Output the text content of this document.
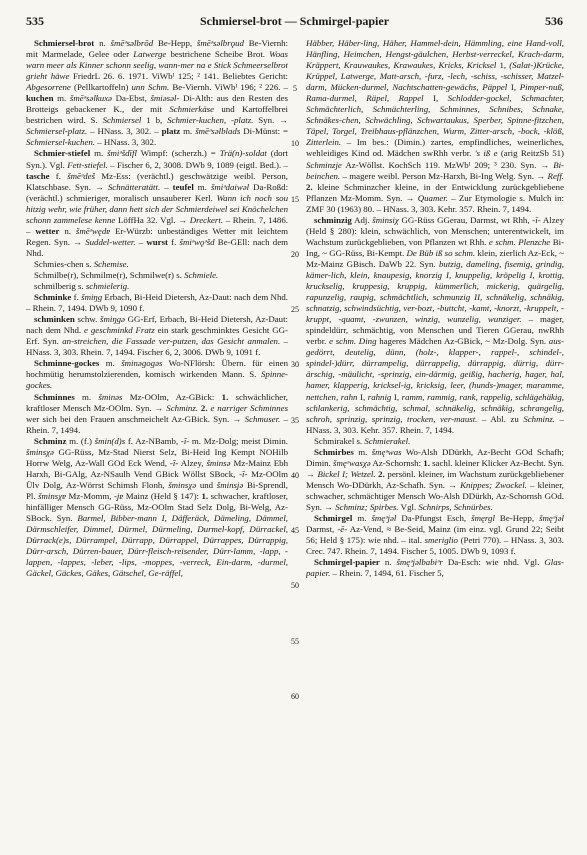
535	Schmiersel-brot — Schmirgel-papier	536

Schmiersel-brot n. šmēᵊsəlbrōd Be-Hepp, šmēᵊsəlbrǫud Be-Viernh: mit Marmelade, Gelee oder Latwerge bestrichene Scheibe Brot. Woas warn meer als Kinner schonn seelig, wann-mer na e Stick Schmeerselbrot grieht häwe FriedrL 26. 6. 1971. ViWbᴵ 125; ² 141. Beliebtes Gericht: Abgesorrene (Pellkartoffeln) unn Schm. Be-Viernh. ViWbᴵ 196; ² 226. – kuchen m. šmēᵊsəlkuxə Da-Ebst, šmiəsəl- Di-Alth: aus den Resten des Brotteigs gebackener K., der mit Schmierkäse und Kartoffelbrei bestrichen wird. S. Schmiersel 1 b, Schmier-kuchen, -platz. Syn. → Schmiersel-platz. – HNass. 3, 302. – platz m. šmēᵊsəlblads Di-Münst: = Schmiersel-kuchen. – HNass. 3, 302.

Schmier-stiefel m. šmiᵊšdīfl Wimpf: (scherzh.) = Trä(n)-soldat (dort Syn.). Vgl. Fett-stiefel. – Fischer 6, 2, 3008. DWb 9, 1089 (eigtl. Bed.). – tasche f. šmēᵊdeš Mz-Ess: (verächtl.) geschwätzige weibl. Person, Klatschbase. Syn. → Schnätteratätt. – teufel m. šmiᵊdaiwəl Da-Roßd: (verächtl.) schmieriger, moralisch unsauberer Kerl. Wann ich noch sou hitzig wehr, wie früher, dann hett sich der Schmierdeiwel sei Knöchelchen schonn zammelese kenne LöffHa 32. Vgl. → Dreckert. – Rhein. 7, 1486. – wetter n. šmēᵊwędɐ Er-Würzb: unbeständiges Wetter mit leichtem Regen. Syn. → Suddel-wetter. – wurst f. šmiᵊwǫᵊšd Be-GEll: nach dem Nhd.

Schmies-chen s. Schemise.

Schmilbe(r), Schmilme(r), Schmilwe(r) s. Schmiele.

schmilberig s. schmielerig.

Schminke f. šmiŋg Erbach, Bi-Heid Dietersh, Az-Daut: nach dem Nhd. – Rhein. 7, 1494. DWb 9, 1090 f.

schminken schw. šmiŋgə GG-Erf, Erbach, Bi-Heid Dietersh, Az-Daut: nach dem Nhd. e geschminkd Fratz ein stark geschminktes Gesicht GG-Erf. Syn. an-streichen, die Fassade ver-putzen, das Gesicht anmalen. – HNass. 3, 303. Rhein. 7, 1494. Fischer 6, 2, 3006. DWb 9, 1091 f.

Schminne-gockes m. šminəgogəs Wo-NFlörsh: Übern. für einen hochmütig herumstolzierenden, komisch wirkenden Mann. S. Spinne-gockes.

Schminnes m. šminəs Mz-OOlm, Az-GBick: 1. schwächlicher, kraftloser Mensch Mz-OOlm. Syn. → Schminz. 2. e narriger Schminnes wer sich bei den Frauen anschmeichelt Az-GBick. Syn. → Schmuser. – Rhein. 7, 1494.

Schminz m. (f.) šmin(d)s f. Az-NBamb, -ī- m. Mz-Dolg; meist Dimin. šminsχə GG-Rüss, Mz-Stad Nierst Selz, Bi-Heid Ing Kempt NOHilb Horrw Welg, Az-Wall GOd Eck Wend, -ī- Alzey, šminsə Mz-Mainz Ebh Harxh, Bi-GAlg, Az-NSaulh Vend GBick Wöllst SBock, -ī- Mz-OOlm Ülv Dolg, Az-Wörrst Schimsh Flonh, šminsχə und šminsjə Bi-Sprendl, Pl. šminsχɐ Mz-Momm, -jɐ Mainz (Held § 147): 1. schwacher, kraftloser, hinfälliger Mensch GG-Rüss, Mz-OOlm Stad Selz Dolg, Bi-Welg, Az-SBock. Syn. Barmel, Bibber-mann I, Däfferäck, Dämeling, Dämmel, Därmschleifer, Dimmel, Dürmel, Dürmeling, Durmel-kopf, Dürrackel, Dürrack(e)s, Dürrampel, Dürrapp, Dürrappel, Dürrappes, Dürrappig, Dürr-arsch, Dürren-bauer, Dürr-fleisch-reisender, Dürr-lamm, -lapp, -lappen, -lappes, -leber, -lips, -moppes, -verreck, Ein-darm, -durmel, Gäckel, Gäckes, Gäkes, Gätschel, Ge-räffel,

5
10
15
20
25
30
35
40
45
50
55
60

Häbber, Häber-ling, Häher, Hammel-dein, Hämmling, eine Hand-voll, Hänfling, Heimchen, Hengst-gäulchen, Herbst-verreckel, Krach-darm, Kräppert, Krauwaukes, Krawaukes, Kricks, Kricksel 1, (Salat-)Krücke, Krüppel, Latwerge, Matt-arsch, -furz, -lech, -schiss, -schisser, Matzel-darm, Mücken-durmel, Nachtschatten-gewächs, Päppel I, Pimper-nuß, Rama-durmel, Räpel, Rappel I, Schlodder-gockel, Schmachter, Schmächterlich, Schmächterling, Schminnes, Schnibes, Schnake, Schnäkes-chen, Schwächling, Schwartaukus, Sperber, Spinne-fitzchen, Täpel, Torgel, Treibhaus-pflänzchen, Wurm, Zitter-arsch, -bock, -klöß, Zitterlein. – Im bes.: (Dimin.) zartes, empfindliches, weinerliches, wehleidiges Kind od. Mädchen swRhh verbr. 's iß e (arig ReitzSb 51) Schminzje Az-Wöllst. KochSch 119. MzWbᴵ 209; ³ 230. Syn. → Bi-beinchen. – magere weibl. Person Mz-Harxh, Bi-Ing Welg. Syn. → Reff. 2. kleine Schminzcher kleine, in der Entwicklung zurückgebliebene Pflanzen Mz-Momm. Syn. → Quamer. – Zur Etymologie s. Mulch in: ZMF 30 (1963) 80. – HNass. 3, 303. Kehr. 357. Rhein. 7, 1494.

schminzig Adj. šminsiχ GG-Rüss GGerau, Darmst, wt Rhh, -ī- Alzey (Held § 280): klein, schwächlich, von Menschen; unterentwickelt, im Wachstum zurückgeblieben, von Pflanzen wt Rhh. e schm. Plenzche Bi-Ing, ~ GG-Rüss, Bi-Kempt. De Büb iß so schm. klein, zierlich Az-Eck, ~ Mz-Mainz GBisch. DaWb 22. Syn. butzig, dameling, fisemig, grindig, kämer-lich, klein, knaupesig, knorzig I, knuppelig, kröpelig I, krottig, kruckselig, kruppesig, kruppig, kümmerlich, mickerig, quärgelig, rapunzelig, raupig, schmächtlich, schmunzig II, schnäkelig, schnäkig, schnatzig, schwindsüchtig, ver-bozt, -buttcht, -kamt, -knorzt, -kruppelt, -kruppt, -quamt, -zwunzen, winzig, wunzelig, wunziger. – mager, spindeldürr, schmächtig, von Menschen und Tieren GGerau, nwRhh verbr. e schm. Ding hageres Mädchen Az-GBick, ~ Mz-Dolg. Syn. aus-gedörrt, deutelig, dünn, (holz-, klapper-, rappel-, schindel-, spindel-)dürr, dürrampelig, dürrappelig, dürrappig, dürrig, dürr-ärschig, -mäulicht, -sprinzig, ein-därmig, geißig, hacherig, hager, hal, hamer, klapperig, kricksel-ig, kricksig, leer, (hunds-)mager, maramme, nettchen, rahn I, rahnig I, ramm, rammig, rank, rappelig, schlägehäkig, schlankerig, schmächtig, schmal, schnäkelig, schnäkig, schrangelig, schroh, sprinzig, sprinzig, trocken, ver-maust. – Abl. zu Schminz. – HNass. 3, 303. Kehr. 357. Rhein. 7, 1494.

Schmirakel s. Schmierakel.

Schmirbes m. šmęᵊwas Wo-Alsh DDürkh, Az-Becht GOd Schafh; Dimin. šmęᵊwasχə Az-Schornsh: 1. sachl. kleiner Klicker Az-Becht. Syn. → Bickel I; Wetzel. 2. persönl. kleiner, im Wachstum zurückgebliebener Mensch Wo-DDürkh, Az-Schafh. Syn. → Knippes; Zwockel. – kleiner, schwacher, schmächtiger Mensch Wo-Alsh DDürkh, Az-Schornsh GOd. Syn. → Schminz; Spirbes. Vgl. Schnirps, Schnürbes.

Schmirgel m. šmęᵊjəl Da-Pfungst Esch, šmęrgl Be-Hepp, šmęᵊjəl Darmst, -ē- Az-Vend, ≈ Be-Seid, Mainz (im einz. vgl. Grund 22; Seibt 56; Held § 175): wie nhd. – ital. smeriglio (Petri 770). – HNass. 3, 303. Crec. 747. Rhein. 7, 1494. Fischer 5, 1005. DWb 9, 1093 f.

Schmirgel-papier n. šmęᵊjəlbabiᵊr Da-Esch: wie nhd. Vgl. Glas-papier. – Rhein. 7, 1494, 61. Fischer 5,
